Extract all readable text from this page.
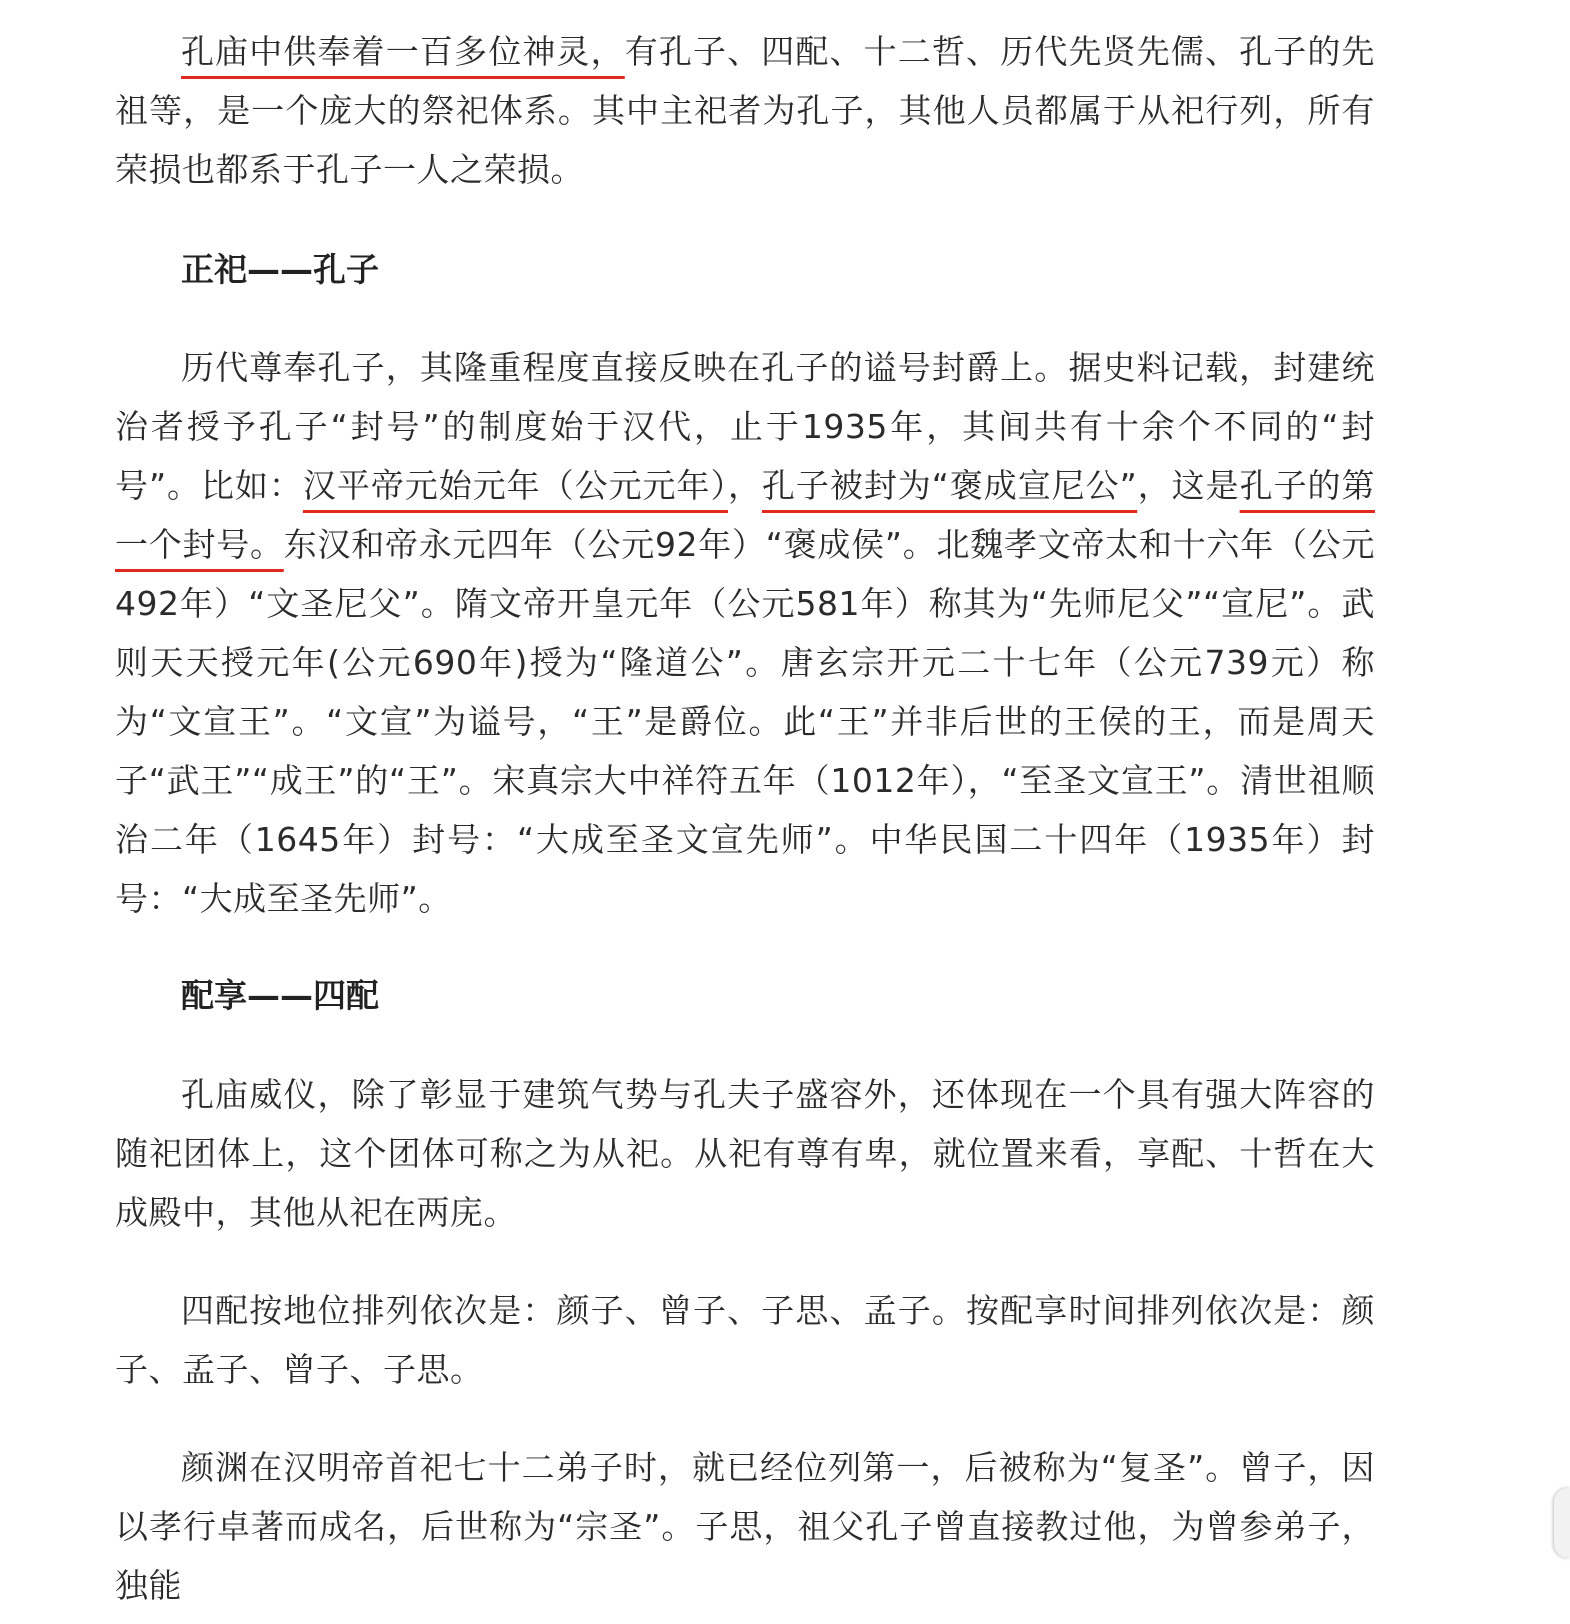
孔庙中供奉着一百多位神灵，有孔子、四配、十二哲、历代先贤先儒、孔子的先祖等，是一个庞大的祭祀体系。其中主祀者为孔子，其他人员都属于从祀行列，所有荣损也都系于孔子一人之荣损。

正祀——孔子

历代尊奉孔子，其隆重程度直接反映在孔子的谥号封爵上。据史料记载，封建统治者授予孔子“封号”的制度始于汉代，止于1935年，其间共有十余个不同的“封号”。比如：汉平帝元始元年（公元元年），孔子被封为“褒成宣尼公”，这是孔子的第一个封号。东汉和帝永元四年（公元92年）“褒成侯”。北魏孝文帝太和十六年（公元492年）“文圣尼父”。隋文帝开皇元年（公元581年）称其为“先师尼父”“宣尼”。武则天天授元年(公元690年)授为“隆道公”。唐玄宗开元二十七年（公元739元）称为“文宣王”。“文宣”为谥号，“王”是爵位。此“王”并非后世的王侯的王，而是周天子“武王”“成王”的“王”。宋真宗大中祥符五年（1012年），“至圣文宣王”。清世祖顺治二年（1645年）封号：“大成至圣文宣先师”。中华民国二十四年（1935年）封号：“大成至圣先师”。

配享——四配

孔庙威仪，除了彰显于建筑气势与孔夫子盛容外，还体现在一个具有强大阵容的随祀团体上，这个团体可称之为从祀。从祀有尊有卑，就位置来看，享配、十哲在大成殿中，其他从祀在两庑。

四配按地位排列依次是：颜子、曾子、子思、孟子。按配享时间排列依次是：颜子、孟子、曾子、子思。

颜渊在汉明帝首祀七十二弟子时，就已经位列第一，后被称为“复圣”。曾子，因以孝行卓著而成名，后世称为“宗圣”。子思，祖父孔子曾直接教过他，为曾参弟子，独能
